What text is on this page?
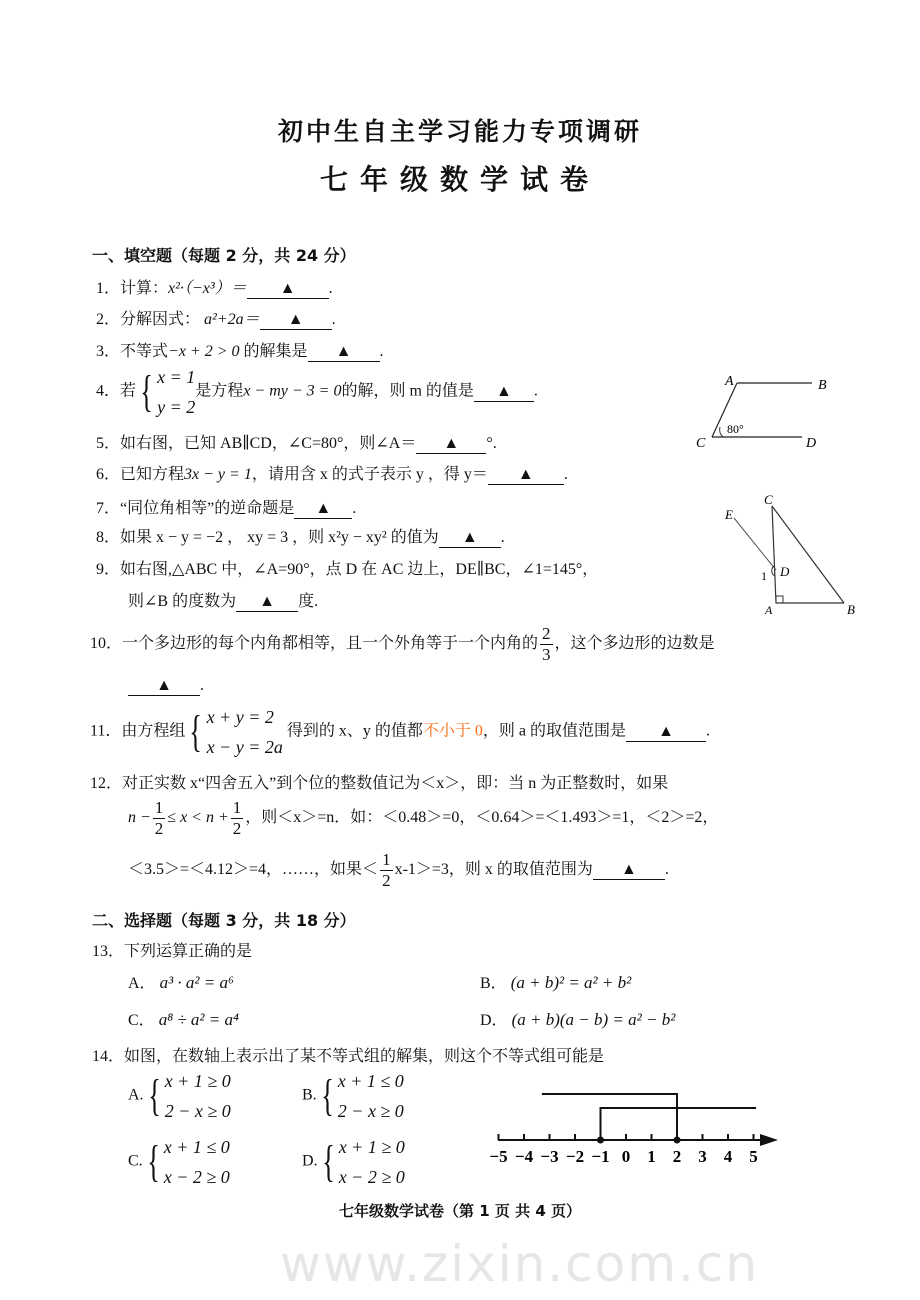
初中生自主学习能力专项调研
七年级数学试卷
一、填空题（每题 2 分，共 24 分）
1．计算：x²·（−x³）＝ ▲ .
2．分解因式： a²+2a＝ ▲ .
3．不等式−x + 2 > 0 的解集是 ▲ .
4．若{ x = 1
y = 2是方程x − my − 3 = 0的解，则 m 的值是 ▲ .
5．如右图，已知 AB∥CD，∠C=80°，则∠A＝ ▲ °.
6．已知方程3x − y = 1，请用含 x 的式子表示 y ，得 y＝ ▲ .
7．“同位角相等”的逆命题是 ▲ .
8．如果 x − y = −2 ， xy = 3 ，则 x²y − xy² 的值为 ▲ .
9．如右图,△ABC 中，∠A=90°，点 D 在 AC 边上，DE∥BC，∠1=145°，
则∠B 的度数为 ▲ 度.
10．一个多边形的每个内角都相等，且一个外角等于一个内角的 $\frac{2}{3}$ ，这个多边形的边数是
▲ .
11．由方程组{ x + y = 2
x − y = 2a 得到的 x、y 的值都不小于 0，则 a 的取值范围是 ▲ .
12．对正实数 x“四舍五入”到个位的整数值记为＜x＞，即：当 n 为正整数时，如果
$n - \frac{1}{2} \le x < n + \frac{1}{2}$ ，则＜x＞=n．如：＜0.48＞=0，＜0.64＞=＜1.493＞=1，＜2＞=2，
＜3.5＞=＜4.12＞=4，……，如果＜ $\frac{1}{2} x-1>=3$，则 x 的取值范围为 ▲ .
二、选择题（每题 3 分，共 18 分）
13．下列运算正确的是
A． a³ · a² = a⁶	B． (a + b)² = a² + b²
C． a⁸ ÷ a² = a⁴	D． (a + b)(a − b) = a² − b²
14．如图，在数轴上表示出了某不等式组的解集，则这个不等式组可能是
A.{ x + 1 ≥ 0
2 − x ≥ 0
B.{ x + 1 ≤ 0
2 − x ≥ 0
C.{ x + 1 ≤ 0
x − 2 ≥ 0
D.{ x + 1 ≥ 0
x − 2 ≥ 0
A	B
C	D
80°
C
E
D
1
A	B
−5 −4 −3 −2 −1 0 1 2 3 4 5
七年级数学试卷（第 1 页 共 4 页）
www.zixin.com.cn
